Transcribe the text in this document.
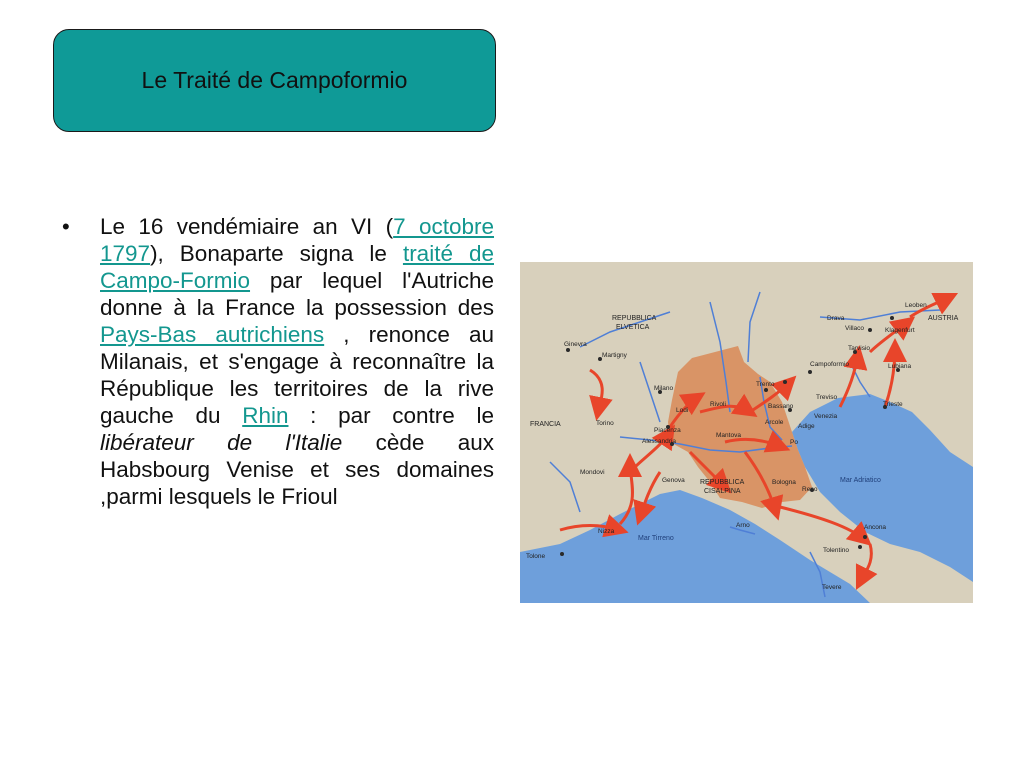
Le Traité de Campoformio
• Le 16 vendémiaire an VI (7 octobre 1797), Bonaparte signa le traité de Campo-Formio par lequel l'Autriche donne à la France la possession des Pays-Bas autrichiens , renonce au Milanais, et s'engage à reconnaître la République les territoires de la rive gauche du Rhin : par contre le libérateur de l'Italie cède aux Habsbourg Venise et ses domaines ,parmi lesquels le Frioul
REPUBBLICA
ELVETICA
REPUBBLICA
CISALPINA
AUSTRIA
FRANCIA
Mar Adriatico
Mar Tirreno
Leoben
Drava
Villaco	Klagenfurt
Tarvisio
Campoformio	Lubiana
Ginevra
Martigny
Trento
Treviso
Rivoli	Bassano
Arcole
Venezia
Milano
Lodi
Adige
Trieste
Torino
Piacenza
Mantova
Po
Alessandria
Mondovi
Genova	Bologna
Reno
Arno
Nizza
Ancona
Tolone
Tolentino
Tevere
